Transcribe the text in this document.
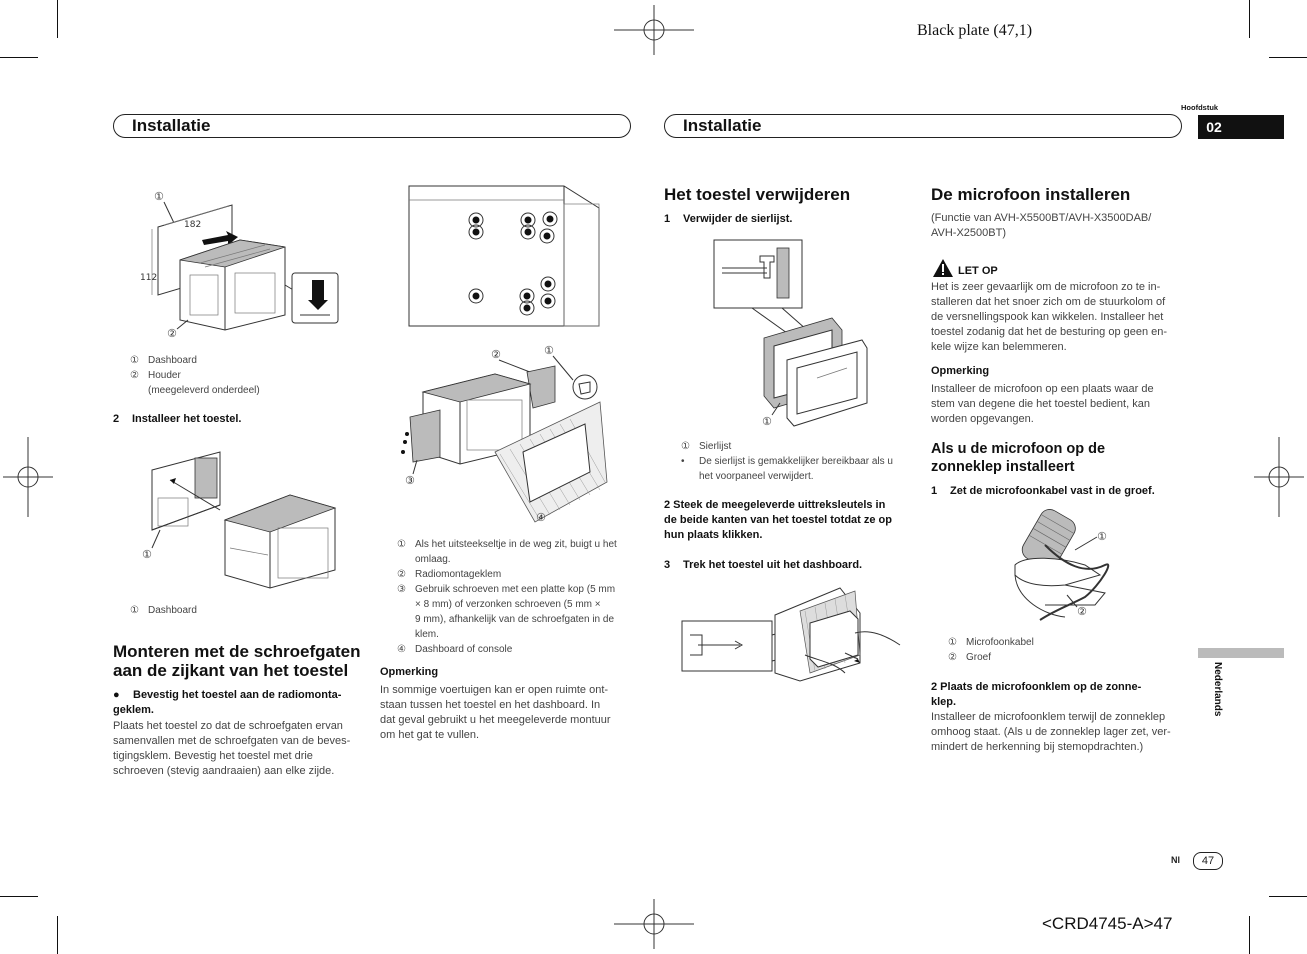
Black plate (47,1)
<CRD4745-A>47
Hoofdstuk
02
Nederlands
Installatie	Installatie
①
182
112
②
① Dashboard
② Houder
(meegeleverd onderdeel)
2 Installeer het toestel.
①
① Dashboard
Monteren met de schroefgaten
aan de zijkant van het toestel
● Bevestig het toestel aan de radiomonta-
geklem.
Plaats het toestel zo dat de schroefgaten ervan
samenvallen met de schroefgaten van de beves-
tigingsklem. Bevestig het toestel met drie
schroeven (stevig aandraaien) aan elke zijde.
②	①
③
④
① Als het uitsteekseltje in de weg zit, buigt u het
omlaag.
② Radiomontageklem
③ Gebruik schroeven met een platte kop (5 mm
× 8 mm) of verzonken schroeven (5 mm ×
9 mm), afhankelijk van de schroefgaten in de
klem.
④ Dashboard of console
Opmerking
In sommige voertuigen kan er open ruimte ont-
staan tussen het toestel en het dashboard. In
dat geval gebruikt u het meegeleverde montuur
om het gat te vullen.
Het toestel verwijderen
1 Verwijder de sierlijst.
①
① Sierlijst
• De sierlijst is gemakkelijker bereikbaar als u
het voorpaneel verwijdert.
2 Steek de meegeleverde uittreksleutels in
de beide kanten van het toestel totdat ze op
hun plaats klikken.
3 Trek het toestel uit het dashboard.
De microfoon installeren
(Functie van AVH-X5500BT/AVH-X3500DAB/
AVH-X2500BT)
LET OP
Het is zeer gevaarlijk om de microfoon zo te in-
stalleren dat het snoer zich om de stuurkolom of
de versnellingspook kan wikkelen. Installeer het
toestel zodanig dat het de besturing op geen en-
kele wijze kan belemmeren.
Opmerking
Installeer de microfoon op een plaats waar de
stem van degene die het toestel bedient, kan
worden opgevangen.
Als u de microfoon op de
zonneklep installeert
1 Zet de microfoonkabel vast in de groef.
①
②
① Microfoonkabel
② Groef
2 Plaats de microfoonklem op de zonne-
klep.
Installeer de microfoonklem terwijl de zonneklep
omhoog staat. (Als u de zonneklep lager zet, ver-
mindert de herkenning bij stemopdrachten.)
Nl	47
